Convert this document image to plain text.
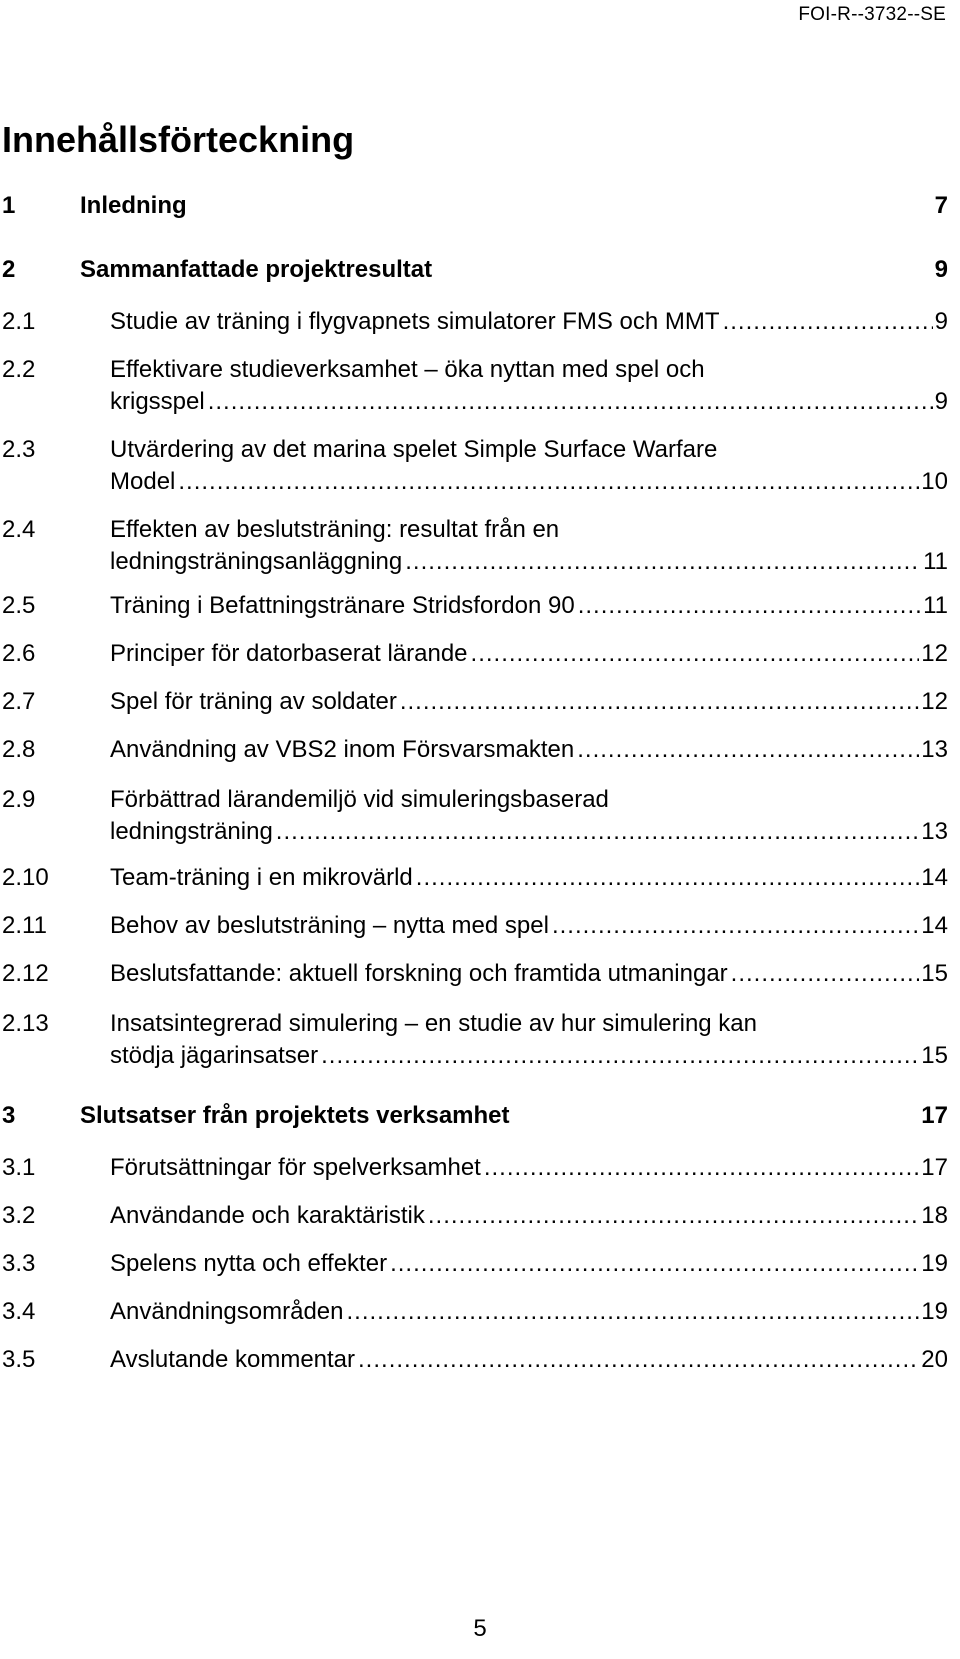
FOI-R--3732--SE
Innehållsförteckning
1	Inledning	7
2	Sammanfattade projektresultat	9
2.1	Studie av träning i flygvapnets simulatorer FMS och MMT .....	9
2.2	Effektivare studieverksamhet – öka nyttan med spel och
krigsspel .....	9
2.3	Utvärdering av det marina spelet Simple Surface Warfare
Model .....	10
2.4	Effekten av beslutsträning: resultat från en
ledningsträningsanläggning .....	11
2.5	Träning i Befattningstränare Stridsfordon 90 .....	11
2.6	Principer för datorbaserat lärande .....	12
2.7	Spel för träning av soldater .....	12
2.8	Användning av VBS2 inom Försvarsmakten .....	13
2.9	Förbättrad lärandemiljö vid simuleringsbaserad
ledningsträning .....	13
2.10	Team-träning i en mikrovärld .....	14
2.11	Behov av beslutsträning – nytta med spel .....	14
2.12	Beslutsfattande: aktuell forskning och framtida utmaningar .....	15
2.13	Insatsintegrerad simulering – en studie av hur simulering kan
stödja jägarinsatser .....	15
3	Slutsatser från projektets verksamhet	17
3.1	Förutsättningar för spelverksamhet .....	17
3.2	Användande och karaktäristik .....	18
3.3	Spelens nytta och effekter .....	19
3.4	Användningsområden .....	19
3.5	Avslutande kommentar .....	20
5
